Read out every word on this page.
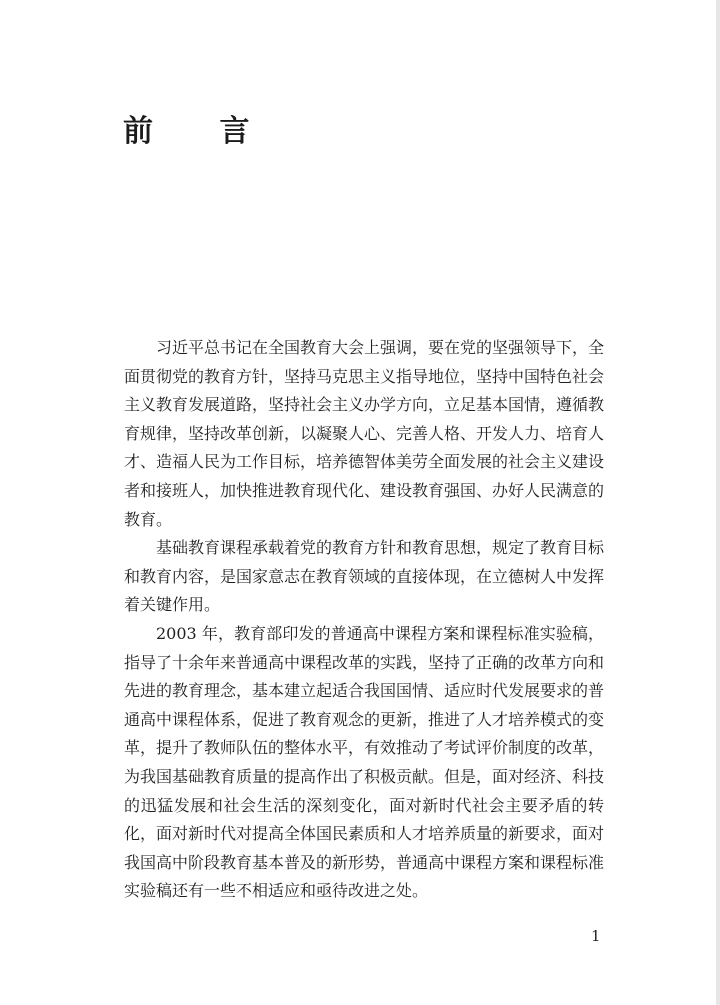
前 言

习近平总书记在全国教育大会上强调，要在党的坚强领导下，全面贯彻党的教育方针，坚持马克思主义指导地位，坚持中国特色社会主义教育发展道路，坚持社会主义办学方向，立足基本国情，遵循教育规律，坚持改革创新，以凝聚人心、完善人格、开发人力、培育人才、造福人民为工作目标，培养德智体美劳全面发展的社会主义建设者和接班人，加快推进教育现代化、建设教育强国、办好人民满意的教育。

基础教育课程承载着党的教育方针和教育思想，规定了教育目标和教育内容，是国家意志在教育领域的直接体现，在立德树人中发挥着关键作用。

2003 年，教育部印发的普通高中课程方案和课程标准实验稿，指导了十余年来普通高中课程改革的实践，坚持了正确的改革方向和先进的教育理念，基本建立起适合我国国情、适应时代发展要求的普通高中课程体系，促进了教育观念的更新，推进了人才培养模式的变革，提升了教师队伍的整体水平，有效推动了考试评价制度的改革，为我国基础教育质量的提高作出了积极贡献。但是，面对经济、科技的迅猛发展和社会生活的深刻变化，面对新时代社会主要矛盾的转化，面对新时代对提高全体国民素质和人才培养质量的新要求，面对我国高中阶段教育基本普及的新形势，普通高中课程方案和课程标准实验稿还有一些不相适应和亟待改进之处。

1
